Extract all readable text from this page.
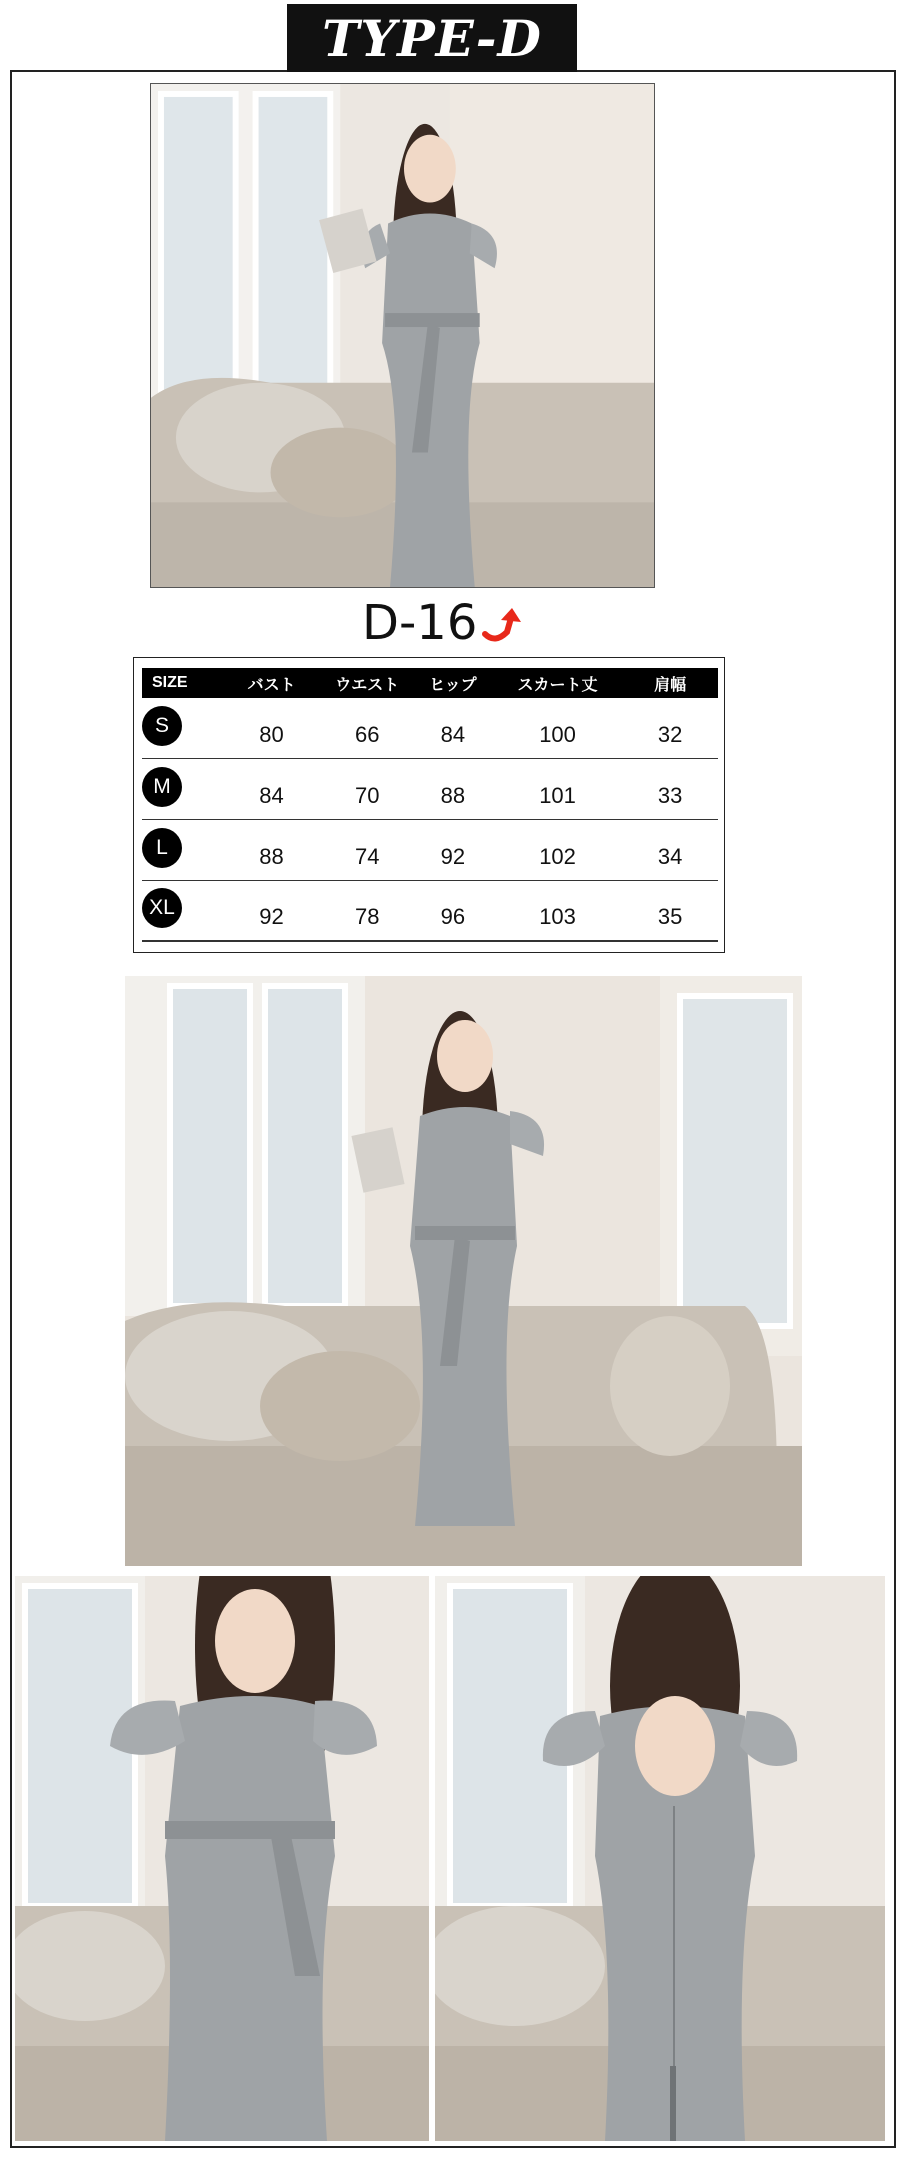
TYPE-D
D-16
SIZE	バスト	ウエスト	ヒップ	スカート丈	肩幅
S	80	66	84	100	32
M	84	70	88	101	33
L	88	74	92	102	34
XL	92	78	96	103	35
